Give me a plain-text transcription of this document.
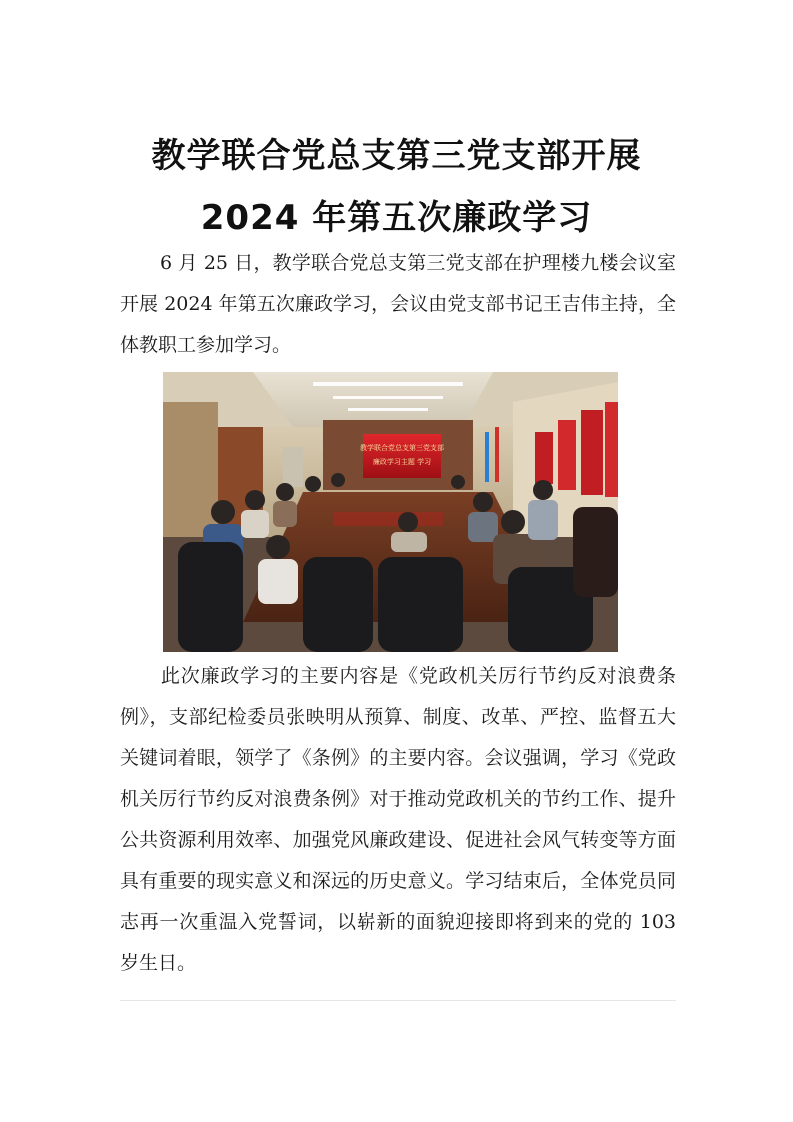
教学联合党总支第三党支部开展
2024 年第五次廉政学习
6 月 25 日，教学联合党总支第三党支部在护理楼九楼会议室开展 2024 年第五次廉政学习，会议由党支部书记王吉伟主持，全体教职工参加学习。
教学联合党总支第三党支部
廉政学习主题 学习
此次廉政学习的主要内容是《党政机关厉行节约反对浪费条例》，支部纪检委员张映明从预算、制度、改革、严控、监督五大关键词着眼，领学了《条例》的主要内容。会议强调，学习《党政机关厉行节约反对浪费条例》对于推动党政机关的节约工作、提升公共资源利用效率、加强党风廉政建设、促进社会风气转变等方面具有重要的现实意义和深远的历史意义。学习结束后，全体党员同志再一次重温入党誓词，以崭新的面貌迎接即将到来的党的 103 岁生日。
